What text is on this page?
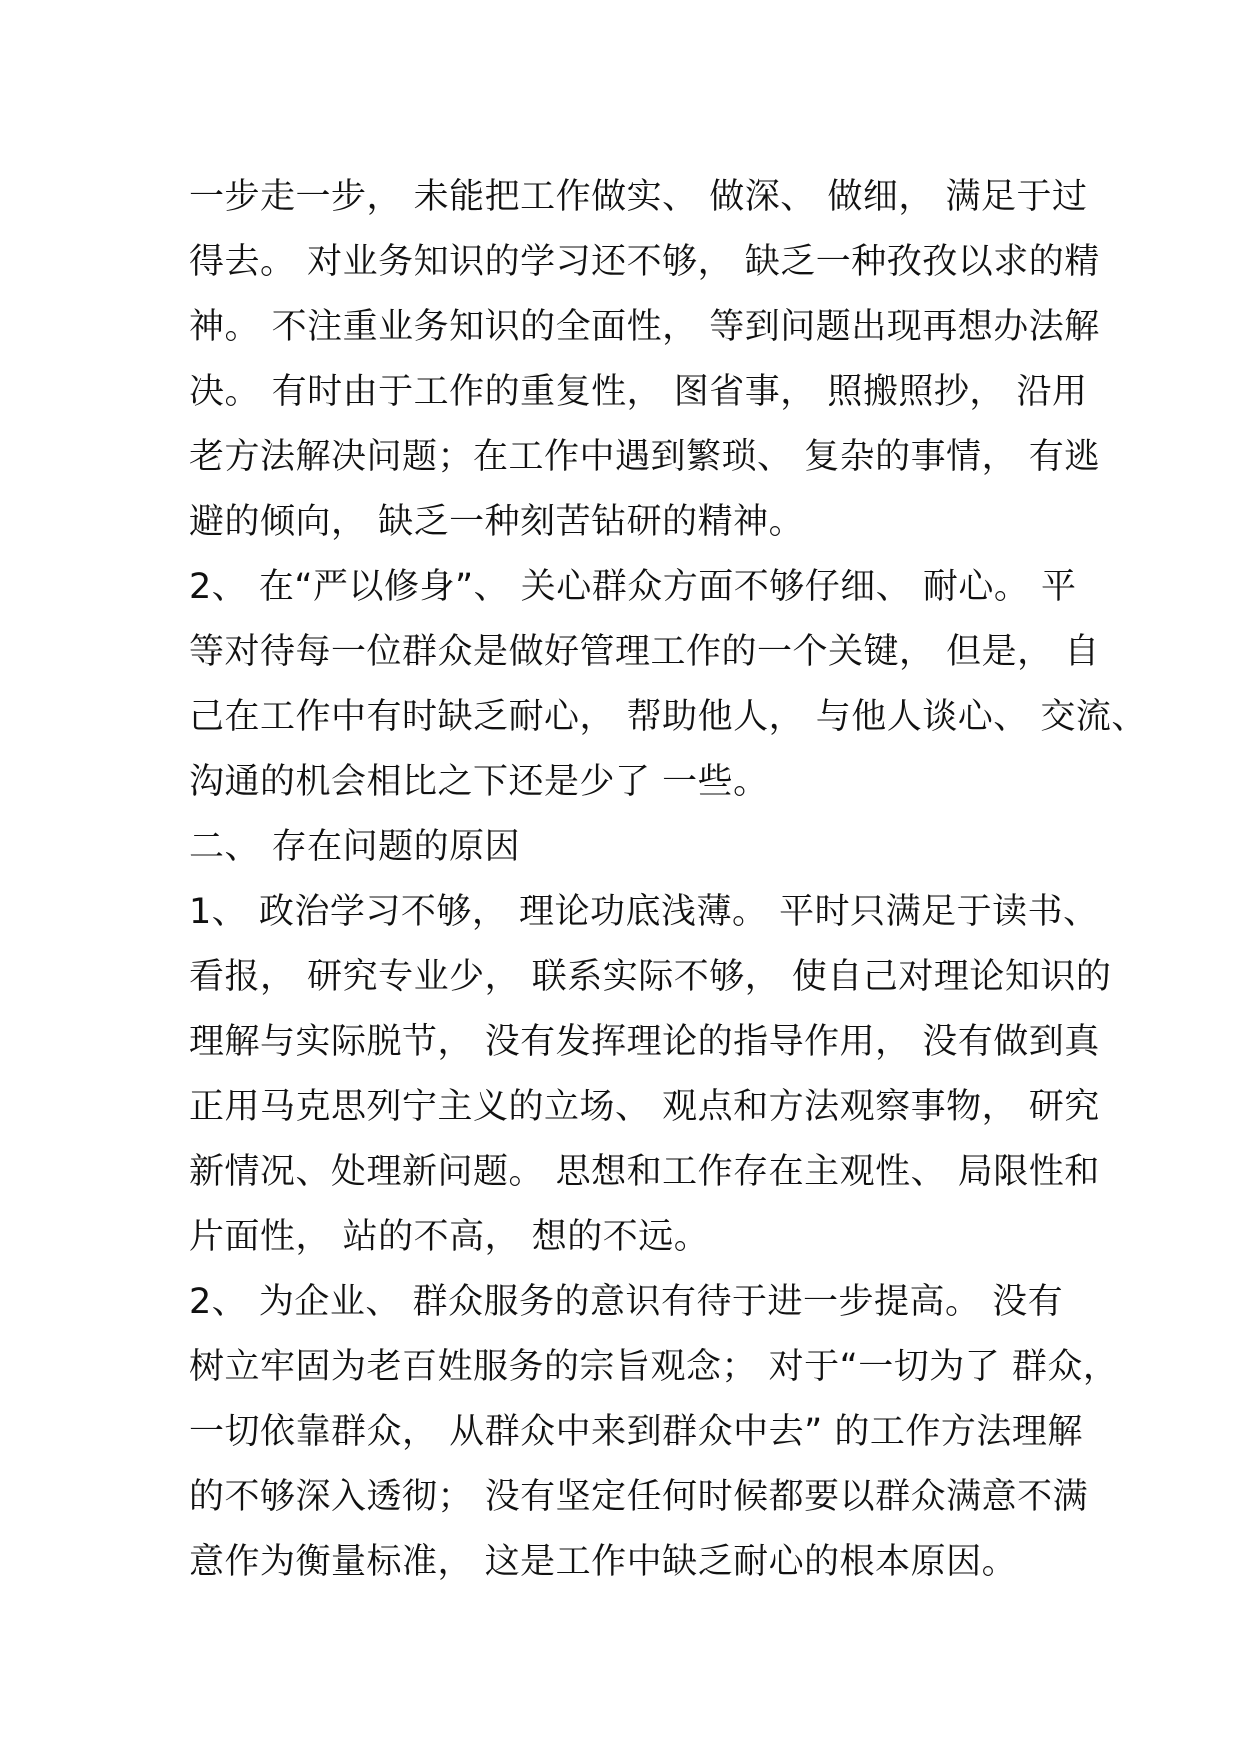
一步走一步， 未能把工作做实、 做深、 做细， 满足于过
得去。 对业务知识的学习还不够， 缺乏一种孜孜以求的精
神。 不注重业务知识的全面性， 等到问题出现再想办法解
决。 有时由于工作的重复性， 图省事， 照搬照抄， 沿用
老方法解决问题；在工作中遇到繁琐、 复杂的事情， 有逃
避的倾向， 缺乏一种刻苦钻研的精神。
2、 在“严以修身”、 关心群众方面不够仔细、 耐心。 平
等对待每一位群众是做好管理工作的一个关键， 但是， 自
己在工作中有时缺乏耐心， 帮助他人， 与他人谈心、 交流、
沟通的机会相比之下还是少了 一些。
二、 存在问题的原因
1、 政治学习不够， 理论功底浅薄。 平时只满足于读书、
看报， 研究专业少， 联系实际不够， 使自己对理论知识的
理解与实际脱节， 没有发挥理论的指导作用， 没有做到真
正用马克思列宁主义的立场、 观点和方法观察事物， 研究
新情况、处理新问题。 思想和工作存在主观性、 局限性和
片面性， 站的不高， 想的不远。
2、 为企业、 群众服务的意识有待于进一步提高。 没有
树立牢固为老百姓服务的宗旨观念； 对于“一切为了 群众，
一切依靠群众， 从群众中来到群众中去” 的工作方法理解
的不够深入透彻； 没有坚定任何时候都要以群众满意不满
意作为衡量标准， 这是工作中缺乏耐心的根本原因。
